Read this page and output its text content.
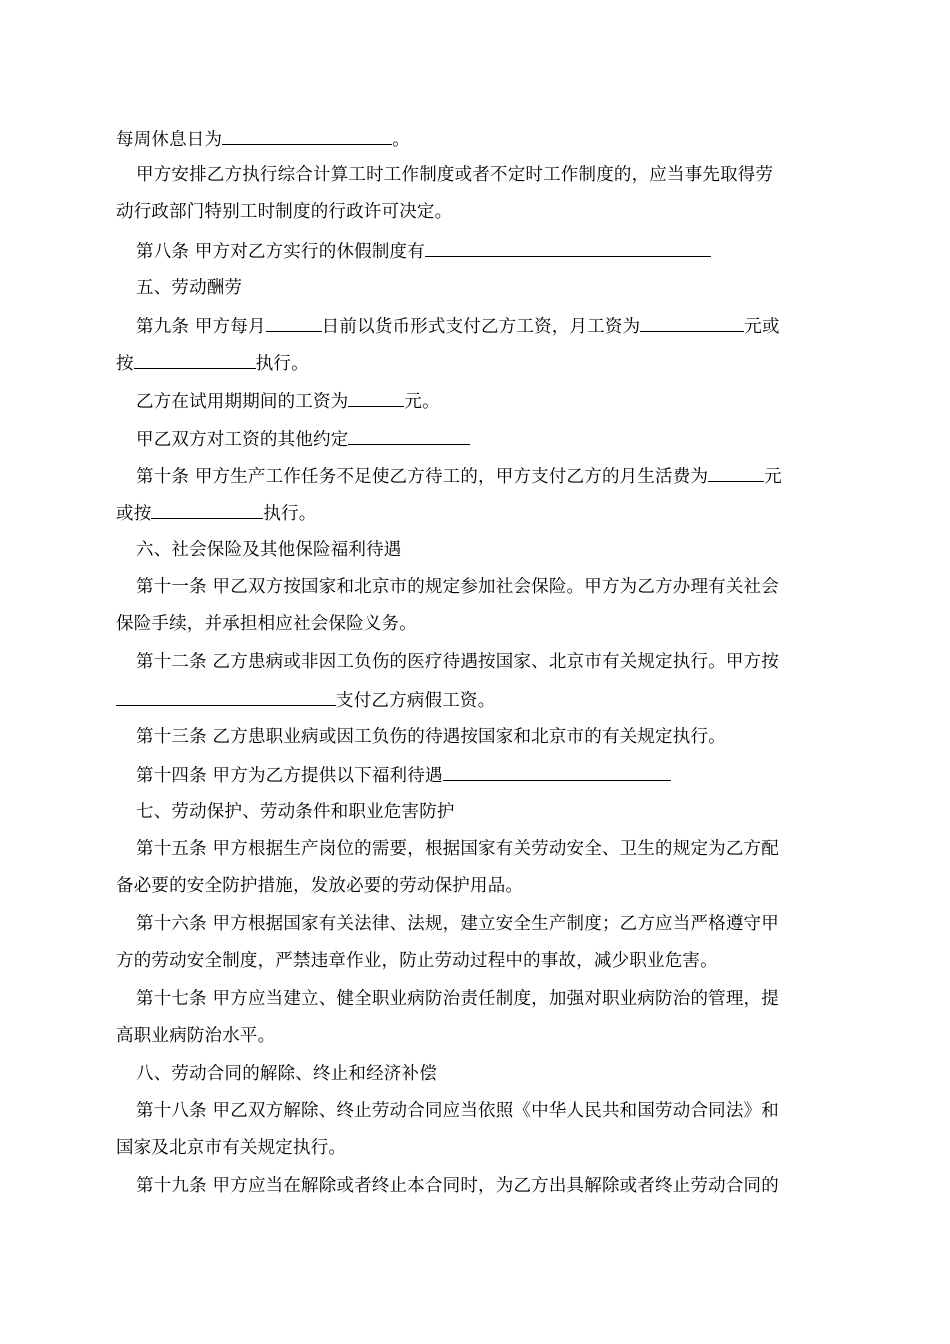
每周休息日为	。
甲方安排乙方执行综合计算工时工作制度或者不定时工作制度的，应当事先取得劳
动行政部门特别工时制度的行政许可决定。
第八条 甲方对乙方实行的休假制度有
五、劳动酬劳
第九条 甲方每月	日前以货币形式支付乙方工资，月工资为	元或
按	执行。
乙方在试用期期间的工资为	元。
甲乙双方对工资的其他约定
第十条 甲方生产工作任务不足使乙方待工的，甲方支付乙方的月生活费为	元
或按	执行。
六、社会保险及其他保险福利待遇
第十一条 甲乙双方按国家和北京市的规定参加社会保险。甲方为乙方办理有关社会
保险手续，并承担相应社会保险义务。
第十二条 乙方患病或非因工负伤的医疗待遇按国家、北京市有关规定执行。甲方按
支付乙方病假工资。
第十三条 乙方患职业病或因工负伤的待遇按国家和北京市的有关规定执行。
第十四条 甲方为乙方提供以下福利待遇
七、劳动保护、劳动条件和职业危害防护
第十五条 甲方根据生产岗位的需要，根据国家有关劳动安全、卫生的规定为乙方配
备必要的安全防护措施，发放必要的劳动保护用品。
第十六条 甲方根据国家有关法律、法规，建立安全生产制度；乙方应当严格遵守甲
方的劳动安全制度，严禁违章作业，防止劳动过程中的事故，减少职业危害。
第十七条 甲方应当建立、健全职业病防治责任制度，加强对职业病防治的管理，提
高职业病防治水平。
八、劳动合同的解除、终止和经济补偿
第十八条 甲乙双方解除、终止劳动合同应当依照《中华人民共和国劳动合同法》和
国家及北京市有关规定执行。
第十九条 甲方应当在解除或者终止本合同时，为乙方出具解除或者终止劳动合同的
